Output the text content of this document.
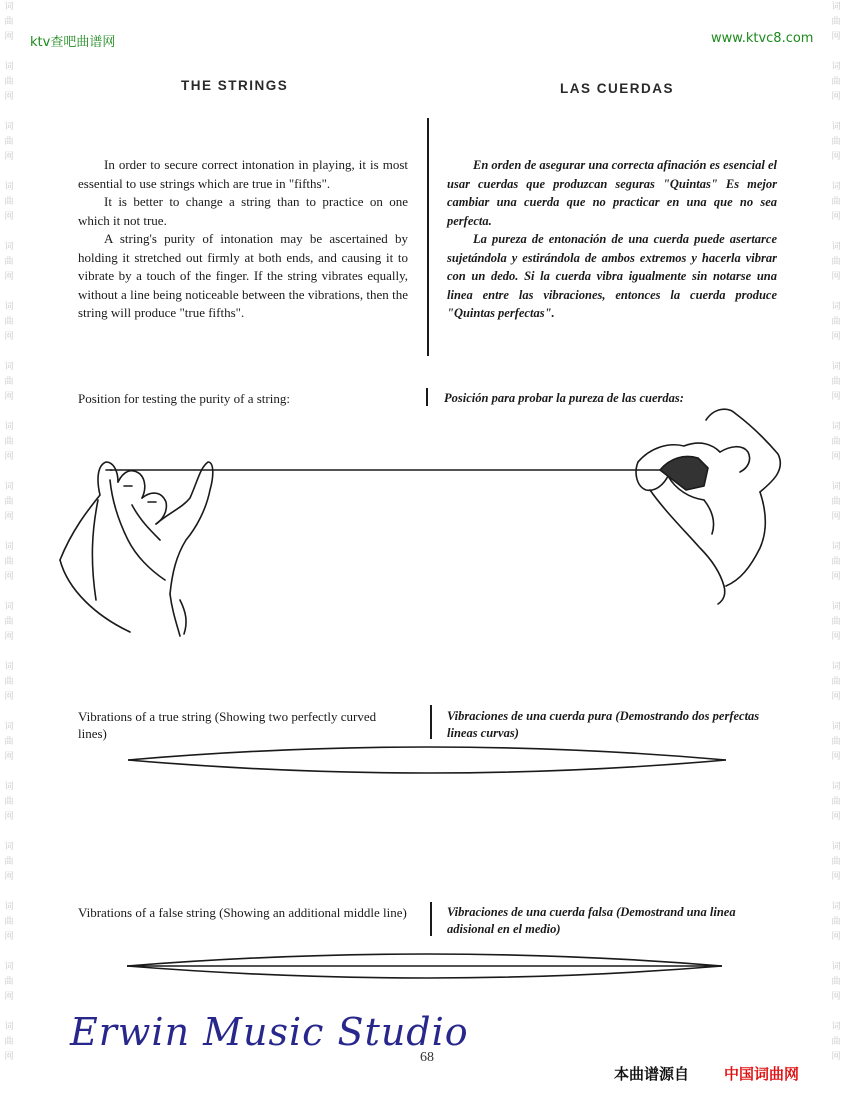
词
曲
网
词
曲
网
词
曲
网
词
曲
网
词
曲
网
词
曲
网
词
曲
网
词
曲
网
词
曲
网
词
曲
网
词
曲
网
词
曲
网
词
曲
网
词
曲
网
词
曲
网
词
曲
网
词
曲
网
词
曲
网
词
曲
网
词
曲
网
词
曲
网
词
曲
网
词
曲
网
词
曲
网
词
曲
网
词
曲
网
词
曲
网
词
曲
网
词
曲
网
词
曲
网
词
曲
网
词
曲
网
词
曲
网
词
曲
网
词
曲
网
词
曲
网
ktv查吧曲谱网	www.ktvc8.com
THE STRINGS	LAS CUERDAS

In order to secure correct intonation in playing, it is most essential to use strings which are true in "fifths".

It is better to change a string than to practice on one which it not true.

A string's purity of intonation may be ascertained by holding it stretched out firmly at both ends, and causing it to vibrate by a touch of the finger. If the string vibrates equally, without a line being noticeable between the vibrations, then the string will produce "true fifths".

En orden de asegurar una correcta afinación es esencial el usar cuerdas que produzcan seguras "Quintas" Es mejor cambiar una cuerda que no practicar en una que no sea perfecta.

La pureza de entonación de una cuerda puede asertarce sujetándola y estirándola de ambos extremos y hacerla vibrar con un dedo. Si la cuerda vibra igualmente sin notarse una linea entre las vibraciones, entonces la cuerda produce "Quintas perfectas".

Position for testing the purity of a string:	Posición para probar la pureza de las cuerdas:
Vibrations of a true string (Showing two perfectly curved lines)
Vibraciones de una cuerda pura (Demostrando dos perfectas lineas curvas)
Vibrations of a false string (Showing an additional middle line)	Vibraciones de una cuerda falsa (Demostrand una linea adisional en el medio)
Erwin Music Studio
68
本曲谱源自 中国词曲网
